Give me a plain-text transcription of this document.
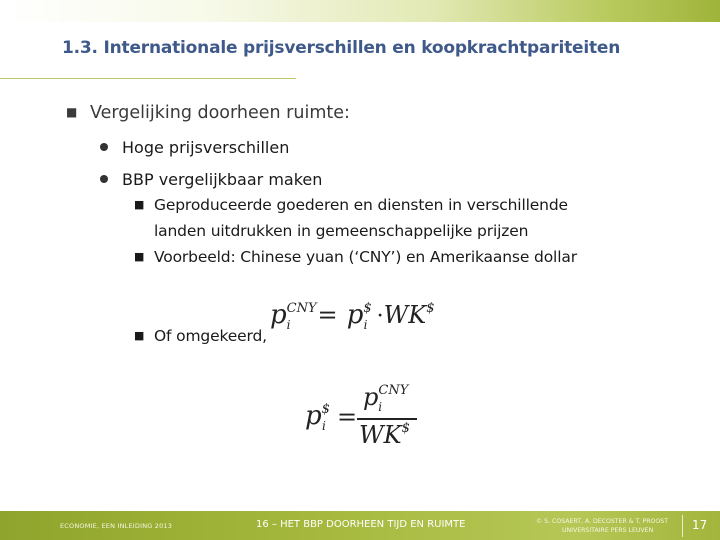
1.3. Internationale prijsverschillen en koopkrachtpariteiten
■ Vergelijking doorheen ruimte:
Hoge prijsverschillen
BBP vergelijkbaar maken
■ Geproduceerde goederen en diensten in verschillende
landen uitdrukken in gemeenschappelijke prijzen
■ Voorbeeld: Chinese yuan (‘CNY’) en Amerikaanse dollar
■ Of omgekeerd,
$p^{CNY}_i = p^{\$}_i \cdot WK^{\$}$
$p^{\$}_i$ =
$p^{CNY}_i$
WK$
ECONOMIE, EEN INLEIDING 2013	16 – HET BBP DOORHEEN TIJD EN RUIMTE	© S. COSAERT, A. DECOSTER & T. PROOST
UNIVERSITAIRE PERS LEUVEN	17
